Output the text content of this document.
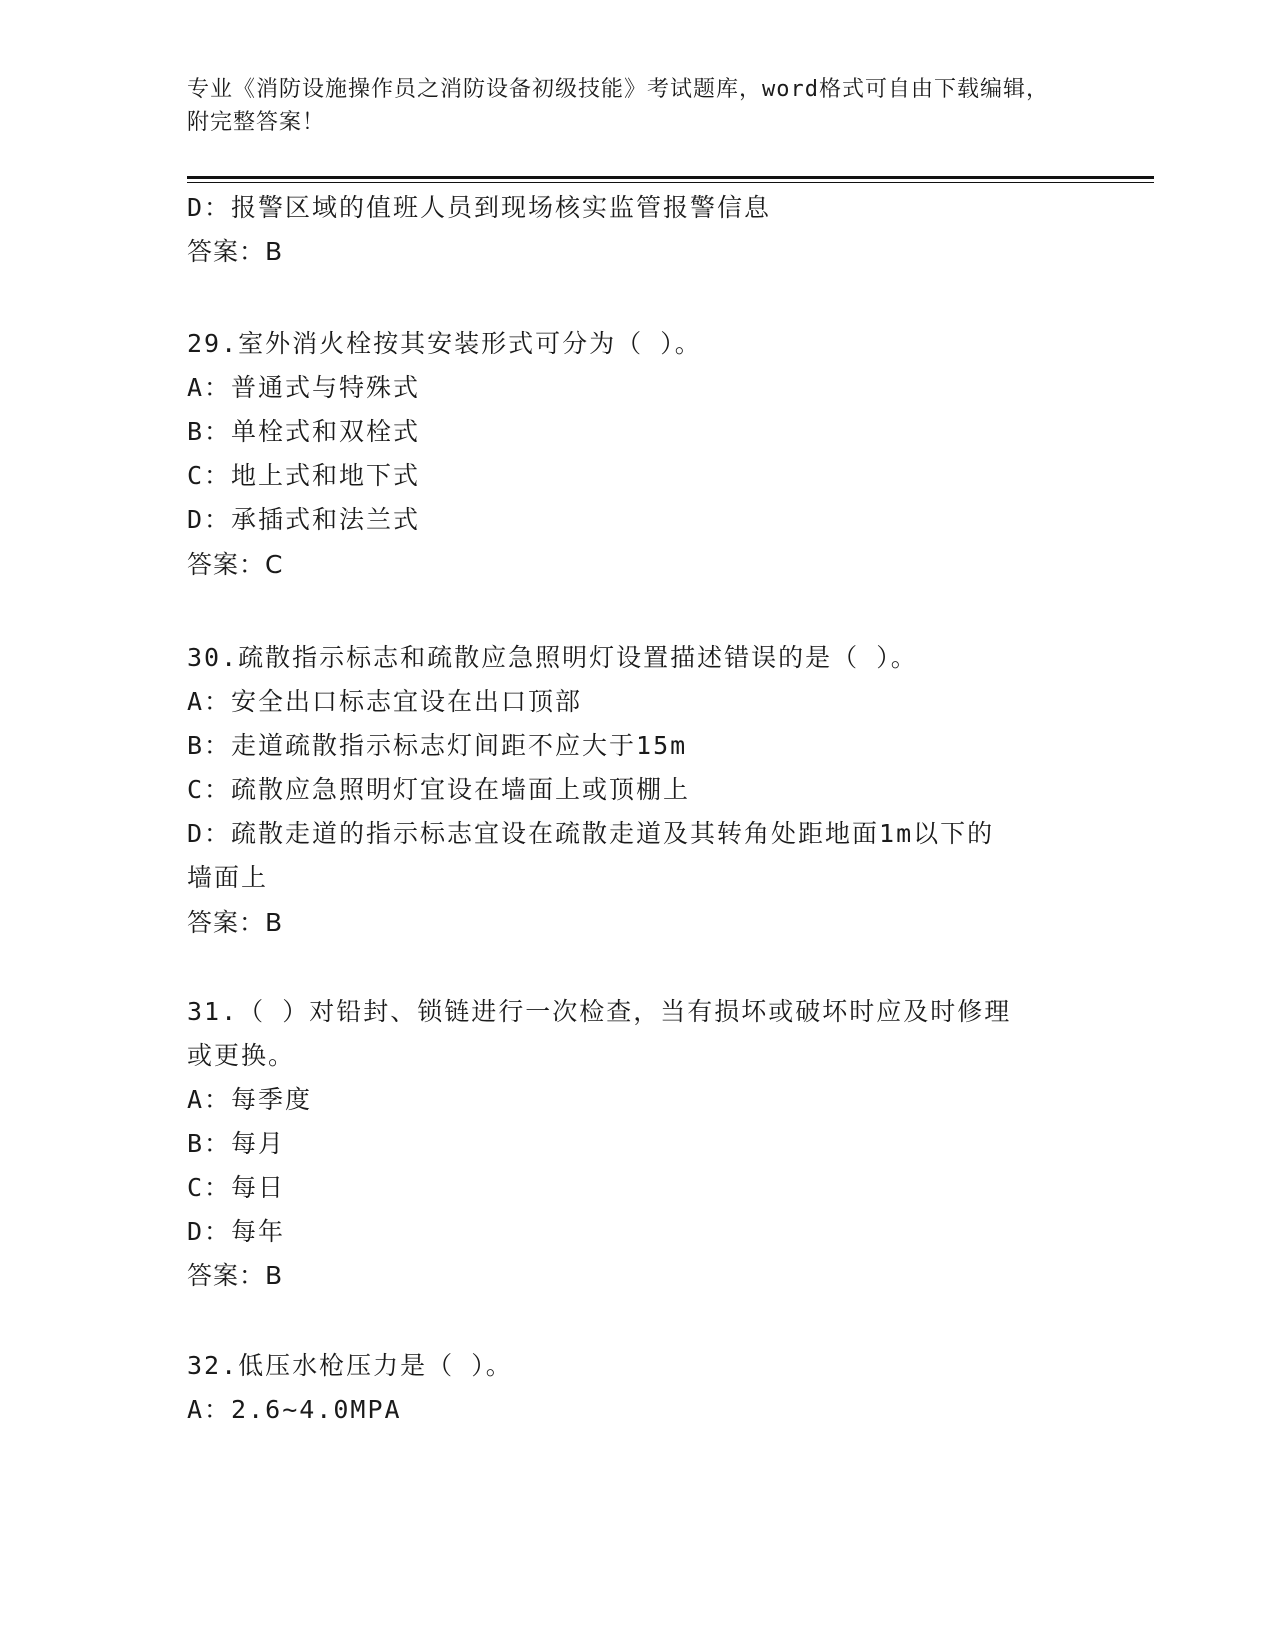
专业《消防设施操作员之消防设备初级技能》考试题库，word格式可自由下载编辑，附完整答案！
D：报警区域的值班人员到现场核实监管报警信息
答案：B
29.室外消火栓按其安装形式可分为（ ）。
A：普通式与特殊式
B：单栓式和双栓式
C：地上式和地下式
D：承插式和法兰式
答案：C
30.疏散指示标志和疏散应急照明灯设置描述错误的是（ ）。
A：安全出口标志宜设在出口顶部
B：走道疏散指示标志灯间距不应大于15m
C：疏散应急照明灯宜设在墙面上或顶棚上
D：疏散走道的指示标志宜设在疏散走道及其转角处距地面1m以下的
墙面上
答案：B
31.（ ）对铅封、锁链进行一次检查，当有损坏或破坏时应及时修理
或更换。
A：每季度
B：每月
C：每日
D：每年
答案：B
32.低压水枪压力是（ ）。
A：2.6~4.0MPA
